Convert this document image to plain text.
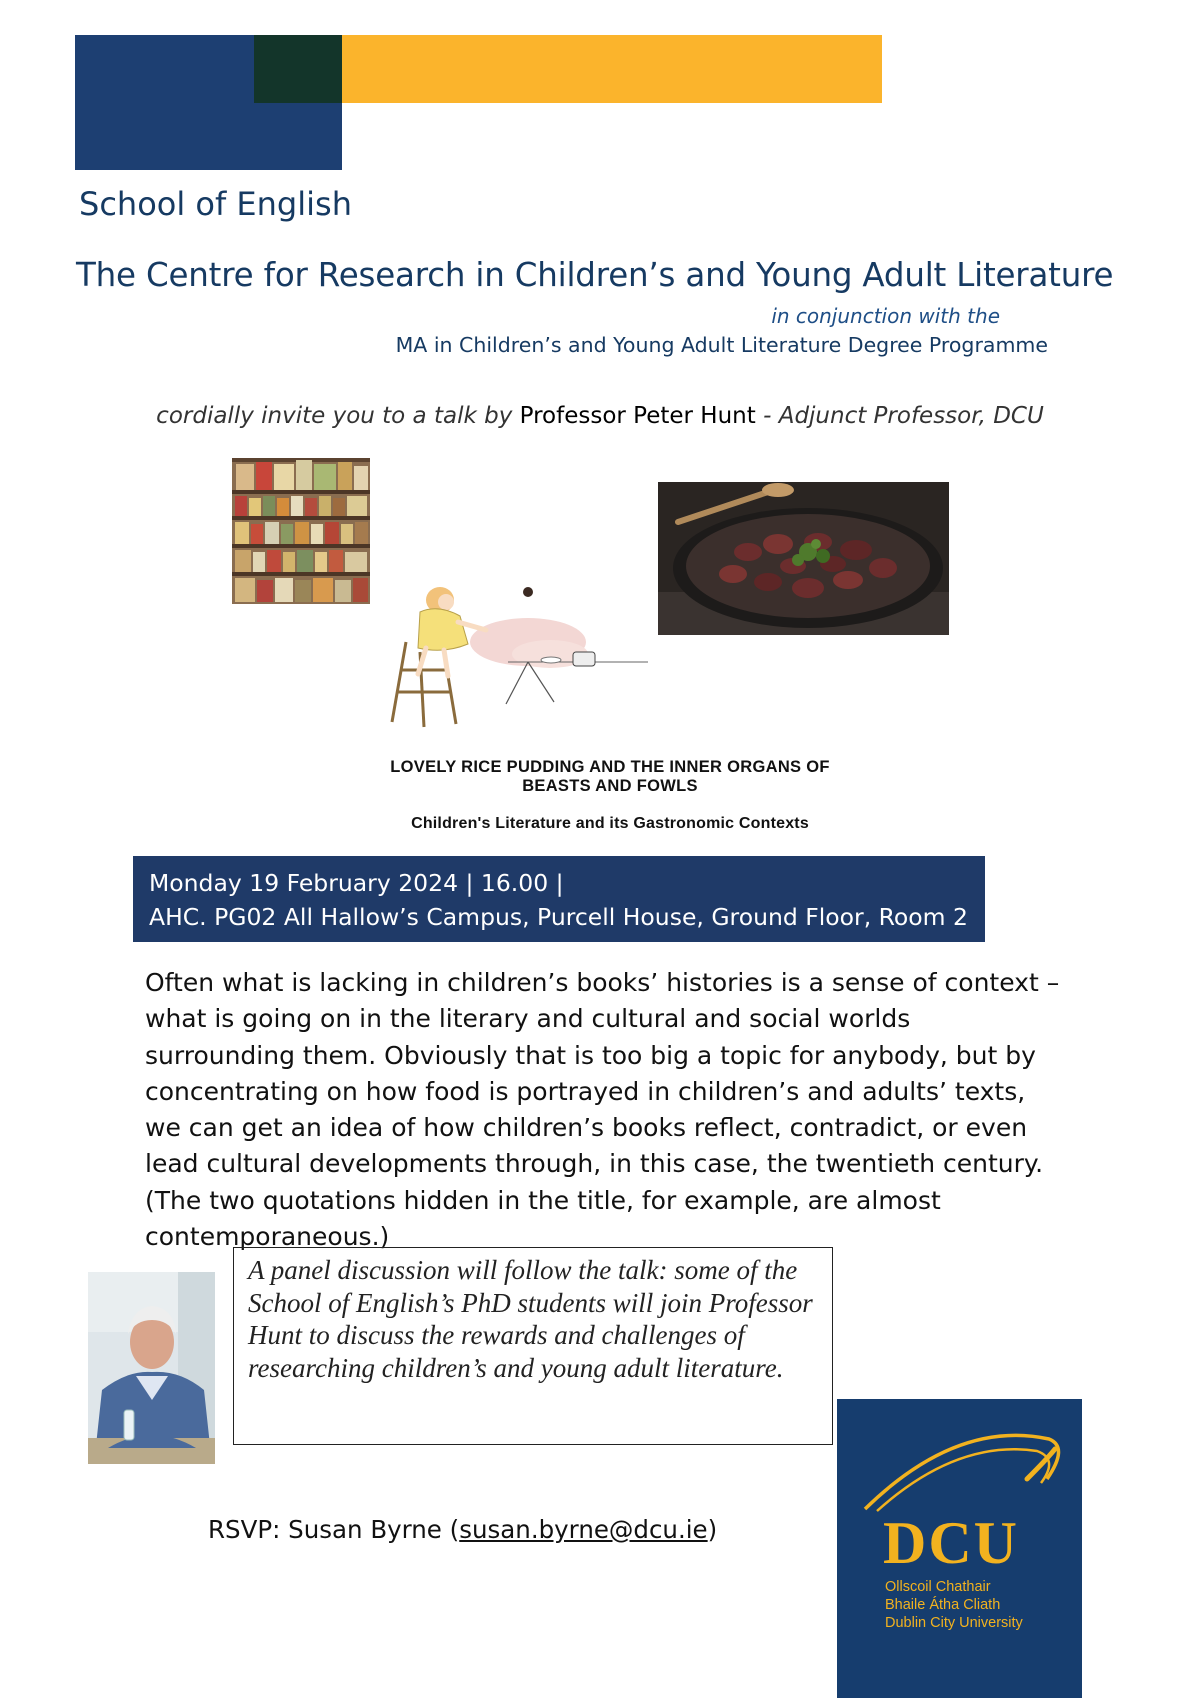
School of English
The Centre for Research in Children’s and Young Adult Literature
in conjunction with the
MA in Children’s and Young Adult Literature Degree Programme
cordially invite you to a talk by Professor Peter Hunt - Adjunct Professor, DCU
LOVELY RICE PUDDING AND THE INNER ORGANS OF
BEASTS AND FOWLS
Children's Literature and its Gastronomic Contexts
Monday 19 February 2024 | 16.00 |
AHC. PG02 All Hallow’s Campus, Purcell House, Ground Floor, Room 2
Often what is lacking in children’s books’ histories is a sense of context – what is going on in the literary and cultural and social worlds surrounding them. Obviously that is too big a topic for anybody, but by concentrating on how food is portrayed in children’s and adults’ texts, we can get an idea of how children’s books reflect, contradict, or even lead cultural developments through, in this case, the twentieth century. (The two quotations hidden in the title, for example, are almost contemporaneous.)
A panel discussion will follow the talk: some of the School of English’s PhD students will join Professor Hunt to discuss the rewards and challenges of researching children’s and young adult literature.
RSVP: Susan Byrne (susan.byrne@dcu.ie)	DCU
Ollscoil Chathair
Bhaile Átha Cliath
Dublin City University
